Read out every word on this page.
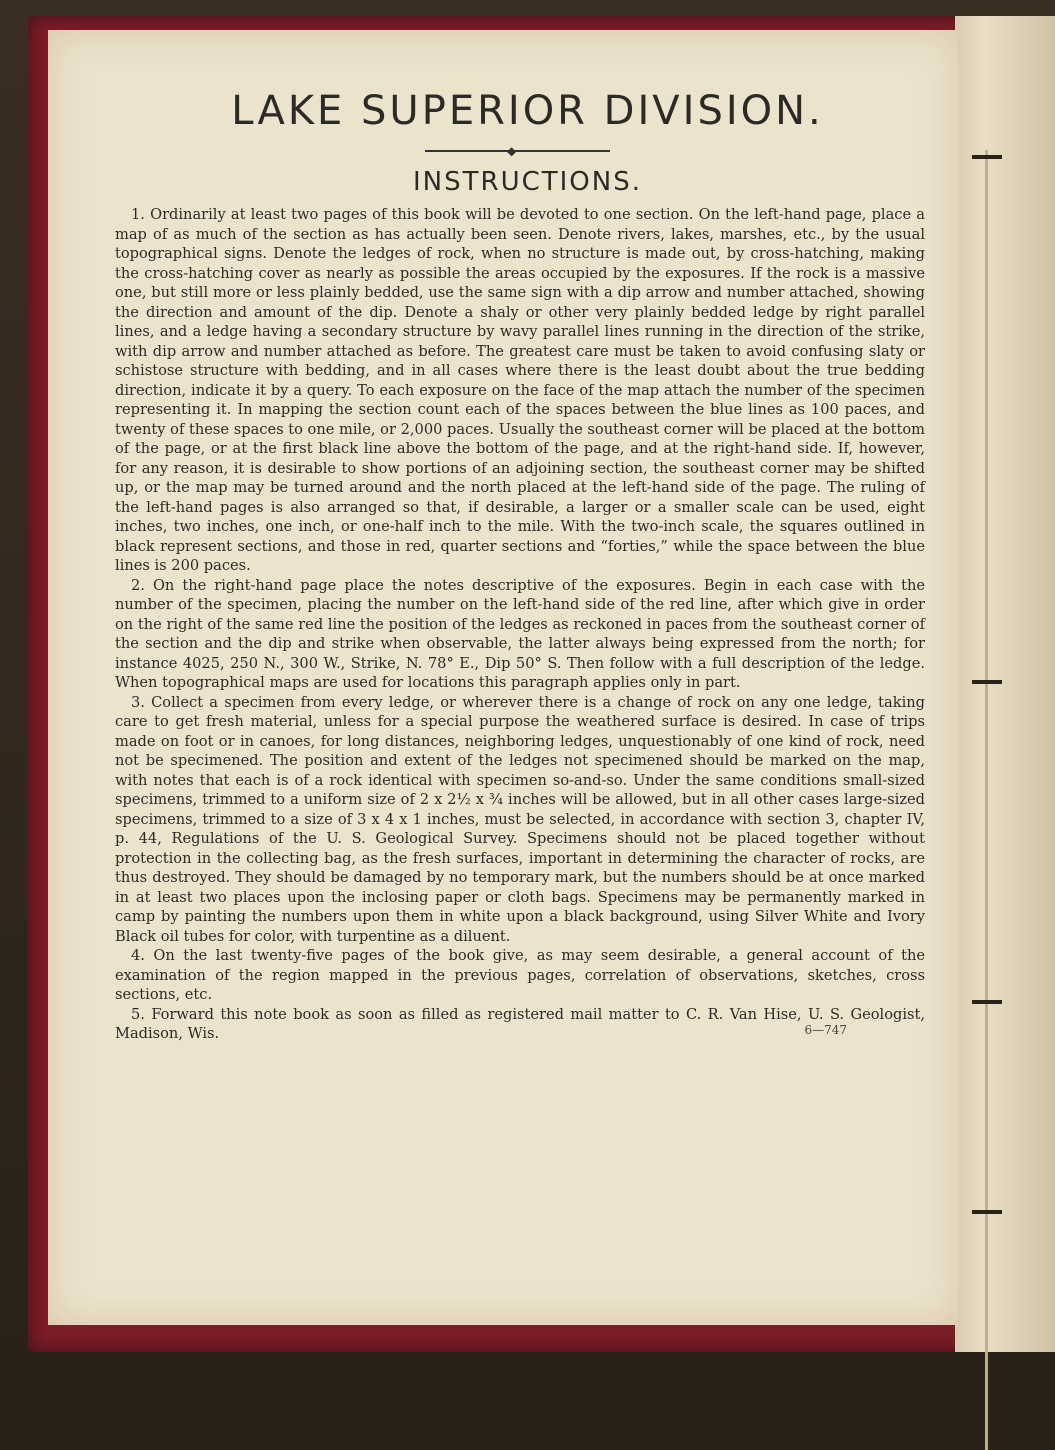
LAKE SUPERIOR DIVISION.
◆
INSTRUCTIONS.

1. Ordinarily at least two pages of this book will be devoted to one section. On the left-hand page, place a map of as much of the section as has actually been seen. Denote rivers, lakes, marshes, etc., by the usual topographical signs. Denote the ledges of rock, when no structure is made out, by cross-hatching, making the cross-hatching cover as nearly as possible the areas occupied by the exposures. If the rock is a massive one, but still more or less plainly bedded, use the same sign with a dip arrow and number attached, showing the direction and amount of the dip. Denote a shaly or other very plainly bedded ledge by right parallel lines, and a ledge having a secondary structure by wavy parallel lines running in the direction of the strike, with dip arrow and number attached as before. The greatest care must be taken to avoid confusing slaty or schistose structure with bedding, and in all cases where there is the least doubt about the true bedding direction, indicate it by a query. To each exposure on the face of the map attach the number of the specimen representing it. In mapping the section count each of the spaces between the blue lines as 100 paces, and twenty of these spaces to one mile, or 2,000 paces. Usually the southeast corner will be placed at the bottom of the page, or at the first black line above the bottom of the page, and at the right-hand side. If, however, for any reason, it is desirable to show portions of an adjoining section, the southeast corner may be shifted up, or the map may be turned around and the north placed at the left-hand side of the page. The ruling of the left-hand pages is also arranged so that, if desirable, a larger or a smaller scale can be used, eight inches, two inches, one inch, or one-half inch to the mile. With the two-inch scale, the squares outlined in black represent sections, and those in red, quarter sections and “forties,” while the space between the blue lines is 200 paces.

2. On the right-hand page place the notes descriptive of the exposures. Begin in each case with the number of the specimen, placing the number on the left-hand side of the red line, after which give in order on the right of the same red line the position of the ledges as reckoned in paces from the southeast corner of the section and the dip and strike when observable, the latter always being expressed from the north; for instance 4025, 250 N., 300 W., Strike, N. 78° E., Dip 50° S. Then follow with a full description of the ledge. When topographical maps are used for locations this paragraph applies only in part.

3. Collect a specimen from every ledge, or wherever there is a change of rock on any one ledge, taking care to get fresh material, unless for a special purpose the weathered surface is desired. In case of trips made on foot or in canoes, for long distances, neighboring ledges, unquestionably of one kind of rock, need not be specimened. The position and extent of the ledges not specimened should be marked on the map, with notes that each is of a rock identical with specimen so-and-so. Under the same conditions small-sized specimens, trimmed to a uniform size of 2 x 2½ x ¾ inches will be allowed, but in all other cases large-sized specimens, trimmed to a size of 3 x 4 x 1 inches, must be selected, in accordance with section 3, chapter IV, p. 44, Regulations of the U. S. Geological Survey. Specimens should not be placed together without protection in the collecting bag, as the fresh surfaces, important in determining the character of rocks, are thus destroyed. They should be damaged by no temporary mark, but the numbers should be at once marked in at least two places upon the inclosing paper or cloth bags. Specimens may be permanently marked in camp by painting the numbers upon them in white upon a black background, using Silver White and Ivory Black oil tubes for color, with turpentine as a diluent.

4. On the last twenty-five pages of the book give, as may seem desirable, a general account of the examination of the region mapped in the previous pages, correlation of observations, sketches, cross sections, etc.

5. Forward this note book as soon as filled as registered mail matter to C. R. Van Hise, U. S. Geologist, Madison, Wis.	6—747
